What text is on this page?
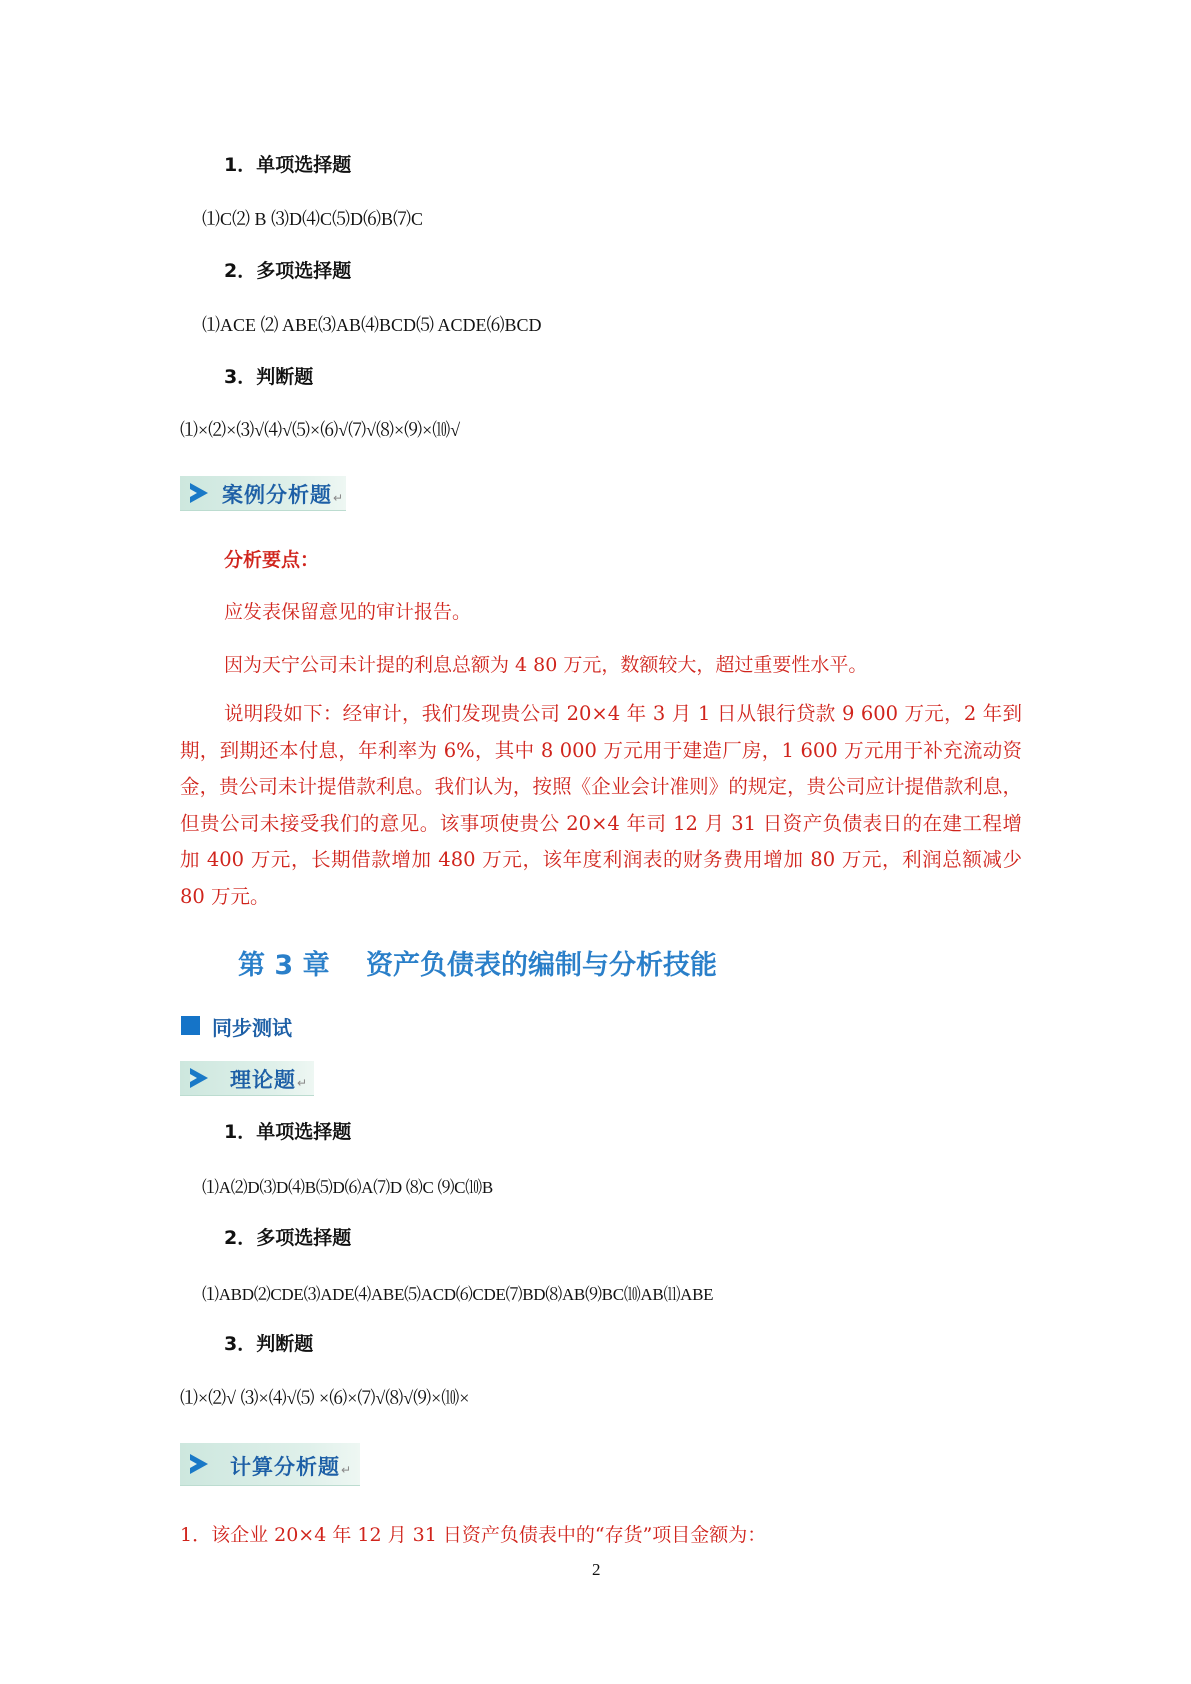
1．单项选择题
⑴C⑵ B ⑶D⑷C⑸D⑹B⑺C
2．多项选择题
⑴ACE ⑵ ABE⑶AB⑷BCD⑸ ACDE⑹BCD
3．判断题
⑴×⑵×⑶√⑷√⑸×⑹√⑺√⑻×⑼×⑽√
案例分析题↵
分析要点：
应发表保留意见的审计报告。
因为天宁公司未计提的利息总额为 4 80 万元，数额较大，超过重要性水平。
说明段如下：经审计，我们发现贵公司 20×4 年 3 月 1 日从银行贷款 9 600 万元，2 年到期，到期还本付息，年利率为 6%，其中 8 000 万元用于建造厂房，1 600 万元用于补充流动资金，贵公司未计提借款利息。我们认为，按照《企业会计准则》的规定，贵公司应计提借款利息，但贵公司未接受我们的意见。该事项使贵公 20×4 年司 12 月 31 日资产负债表日的在建工程增加 400 万元，长期借款增加 480 万元，该年度利润表的财务费用增加 80 万元，利润总额减少 80 万元。
第 3 章 资产负债表的编制与分析技能
同步测试
理论题↵
1．单项选择题
⑴A⑵D⑶D⑷B⑸D⑹A⑺D ⑻C ⑼C⑽B
2．多项选择题
⑴ABD⑵CDE⑶ADE⑷ABE⑸ACD⑹CDE⑺BD⑻AB⑼BC⑽AB⑾ABE
3．判断题
⑴×⑵√ ⑶×⑷√⑸ ×⑹×⑺√⑻√⑼×⑽×
计算分析题↵
1．该企业 20×4 年 12 月 31 日资产负债表中的“存货”项目金额为：
2
